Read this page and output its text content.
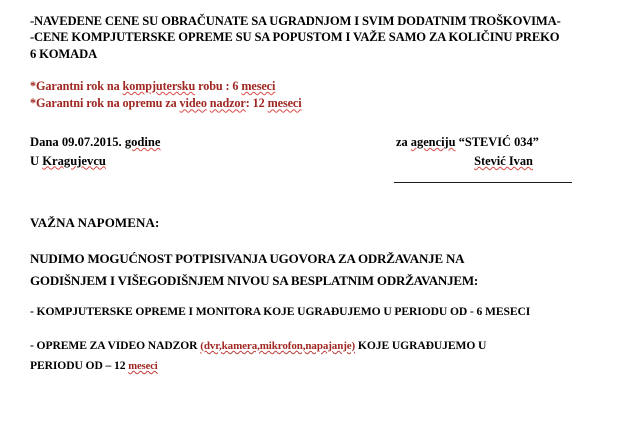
-NAVEDENE CENE SU OBRAČUNATE SA UGRADNJOM I SVIM DODATNIM TROŠKOVIMA-
-CENE KOMPJUTERSKE OPREME SU SA POPUSTOM I VAŽE SAMO ZA KOLIČINU PREKO
6 KOMADA
*Garantni rok na kompjutersku robu : 6 meseci
*Garantni rok na opremu za video nadzor: 12 meseci
Dana 09.07.2015. godine
U Kragujevcu
za agenciju “STEVIĆ 034”
Stević Ivan
VAŽNA NAPOMENA:
NUDIMO MOGUĆNOST POTPISIVANJA UGOVORA ZA ODRŽAVANJE NA
GODIŠNJEM I VIŠEGODIŠNJEM NIVOU SA BESPLATNIM ODRŽAVANJEM:
- KOMPJUTERSKE OPREME I MONITORA KOJE UGRAĐUJEMO U PERIODU OD - 6 MESECI
- OPREME ZA VIDEO NADZOR (dvr,kamera,mikrofon,napajanje) KOJE UGRAĐUJEMO U
PERIODU OD – 12 meseci
